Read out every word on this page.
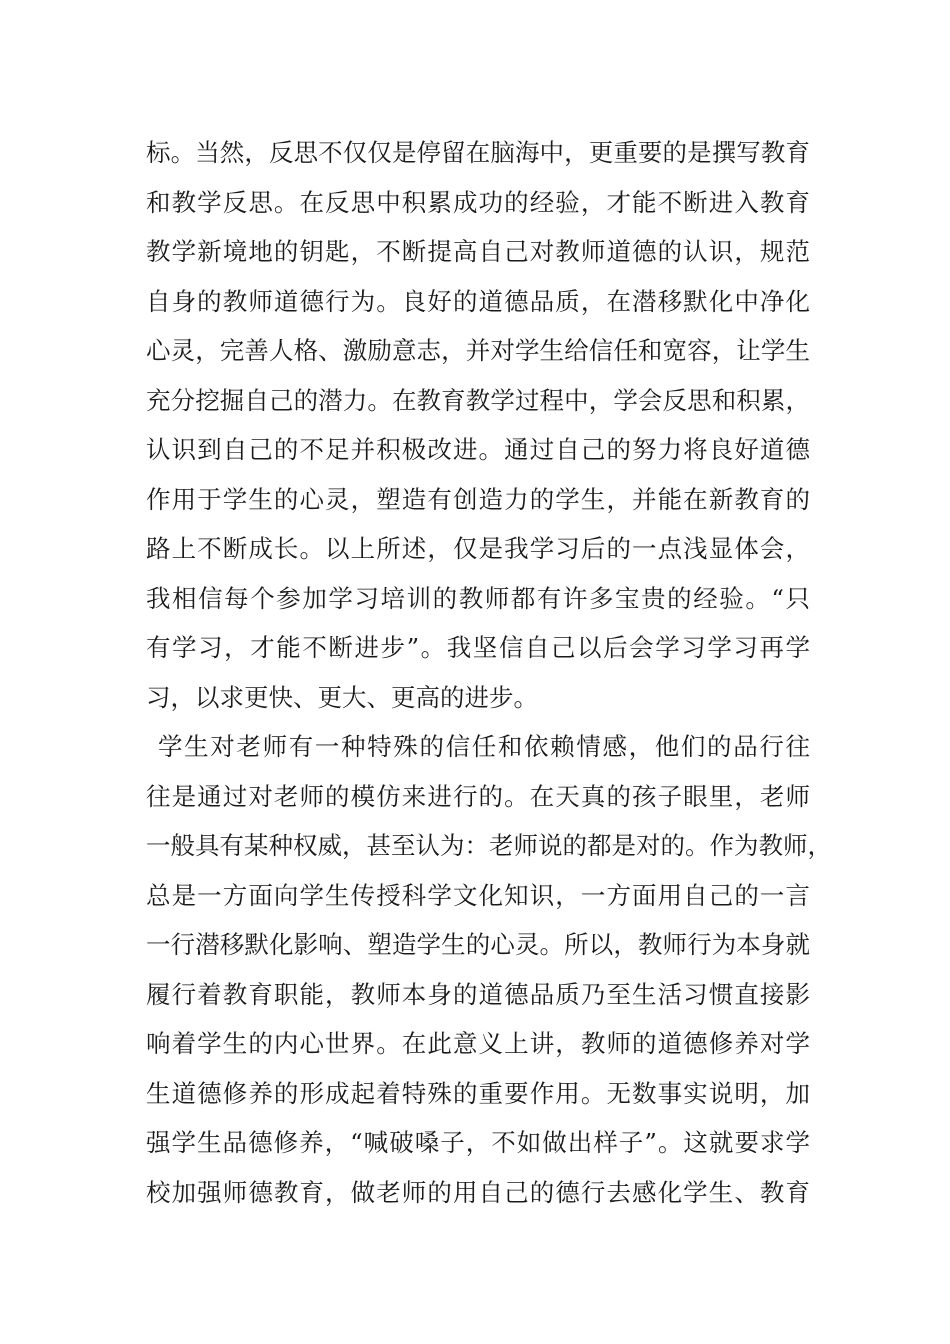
标。当然，反思不仅仅是停留在脑海中，更重要的是撰写教育
和教学反思。在反思中积累成功的经验，才能不断进入教育
教学新境地的钥匙，不断提高自己对教师道德的认识，规范
自身的教师道德行为。良好的道德品质，在潜移默化中净化
心灵，完善人格、激励意志，并对学生给信任和宽容，让学生
充分挖掘自己的潜力。在教育教学过程中，学会反思和积累，
认识到自己的不足并积极改进。通过自己的努力将良好道德
作用于学生的心灵，塑造有创造力的学生，并能在新教育的
路上不断成长。以上所述，仅是我学习后的一点浅显体会，
我相信每个参加学习培训的教师都有许多宝贵的经验。“只
有学习，才能不断进步”。我坚信自己以后会学习学习再学
习，以求更快、更大、更高的进步。
学生对老师有一种特殊的信任和依赖情感，他们的品行往
往是通过对老师的模仿来进行的。在天真的孩子眼里，老师
一般具有某种权威，甚至认为：老师说的都是对的。作为教师，
总是一方面向学生传授科学文化知识，一方面用自己的一言
一行潜移默化影响、塑造学生的心灵。所以，教师行为本身就
履行着教育职能，教师本身的道德品质乃至生活习惯直接影
响着学生的内心世界。在此意义上讲，教师的道德修养对学
生道德修养的形成起着特殊的重要作用。无数事实说明，加
强学生品德修养，“喊破嗓子，不如做出样子”。这就要求学
校加强师德教育，做老师的用自己的德行去感化学生、教育
